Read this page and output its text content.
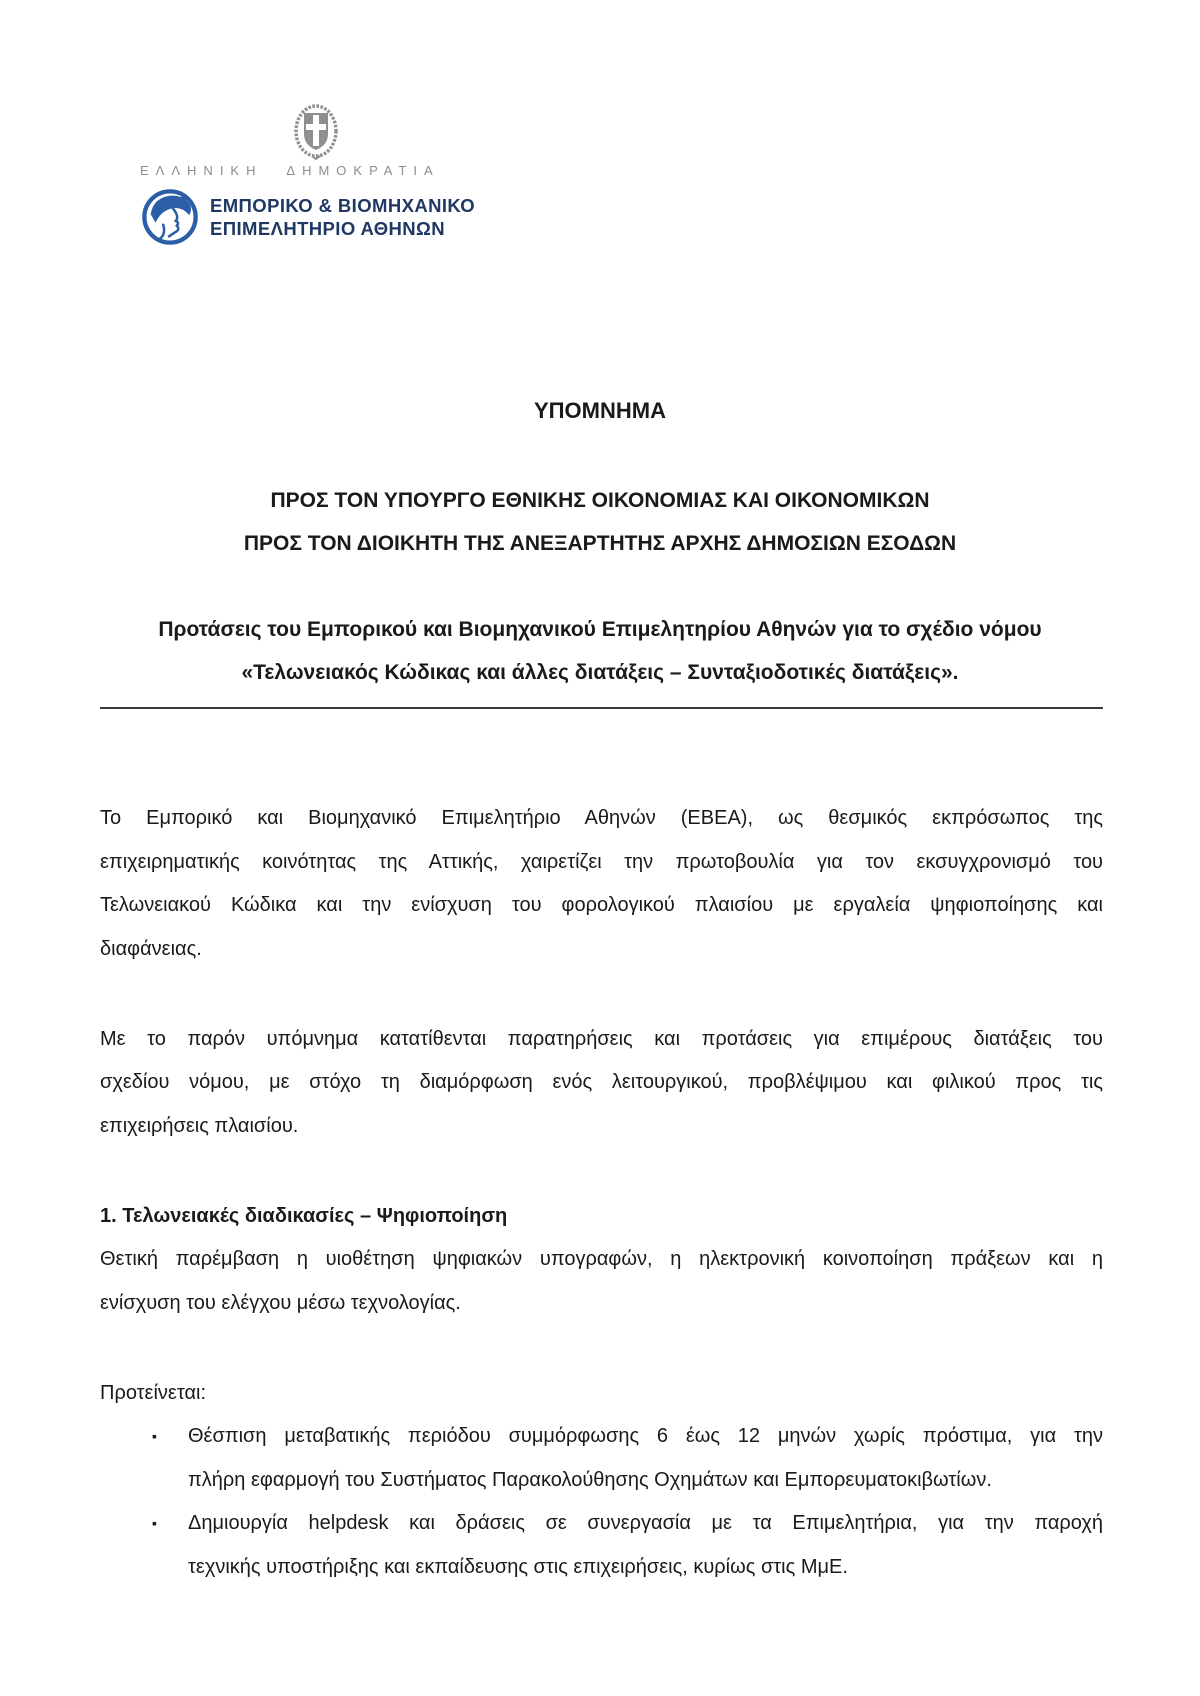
ΕΛΛΗΝΙΚΗ ΔΗΜΟΚΡΑΤΙΑ
ΕΜΠΟΡΙΚΟ & ΒΙΟΜΗΧΑΝΙΚΟ
ΕΠΙΜΕΛΗΤΗΡΙΟ ΑΘΗΝΩΝ
ΥΠΟΜΝΗΜΑ
ΠΡΟΣ ΤΟΝ ΥΠΟΥΡΓΟ ΕΘΝΙΚΗΣ ΟΙΚΟΝΟΜΙΑΣ ΚΑΙ ΟΙΚΟΝΟΜΙΚΩΝ
ΠΡΟΣ ΤΟΝ ΔΙΟΙΚΗΤΗ ΤΗΣ ΑΝΕΞΑΡΤΗΤΗΣ ΑΡΧΗΣ ΔΗΜΟΣΙΩΝ ΕΣΟΔΩΝ
Προτάσεις του Εμπορικού και Βιομηχανικού Επιμελητηρίου Αθηνών για το σχέδιο νόμου
«Τελωνειακός Κώδικας και άλλες διατάξεις – Συνταξιοδοτικές διατάξεις».
Το Εμπορικό και Βιομηχανικό Επιμελητήριο Αθηνών (ΕΒΕΑ), ως θεσμικός εκπρόσωπος της
επιχειρηματικής κοινότητας της Αττικής, χαιρετίζει την πρωτοβουλία για τον εκσυγχρονισμό του
Τελωνειακού Κώδικα και την ενίσχυση του φορολογικού πλαισίου με εργαλεία ψηφιοποίησης και
διαφάνειας.
Με το παρόν υπόμνημα κατατίθενται παρατηρήσεις και προτάσεις για επιμέρους διατάξεις του
σχεδίου νόμου, με στόχο τη διαμόρφωση ενός λειτουργικού, προβλέψιμου και φιλικού προς τις
επιχειρήσεις πλαισίου.
1. Τελωνειακές διαδικασίες – Ψηφιοποίηση
Θετική παρέμβαση η υιοθέτηση ψηφιακών υπογραφών, η ηλεκτρονική κοινοποίηση πράξεων και η
ενίσχυση του ελέγχου μέσω τεχνολογίας.
Προτείνεται:
▪ Θέσπιση μεταβατικής περιόδου συμμόρφωσης 6 έως 12 μηνών χωρίς πρόστιμα, για την
πλήρη εφαρμογή του Συστήματος Παρακολούθησης Οχημάτων και Εμπορευματοκιβωτίων.
▪ Δημιουργία helpdesk και δράσεις σε συνεργασία με τα Επιμελητήρια, για την παροχή
τεχνικής υποστήριξης και εκπαίδευσης στις επιχειρήσεις, κυρίως στις ΜμΕ.
